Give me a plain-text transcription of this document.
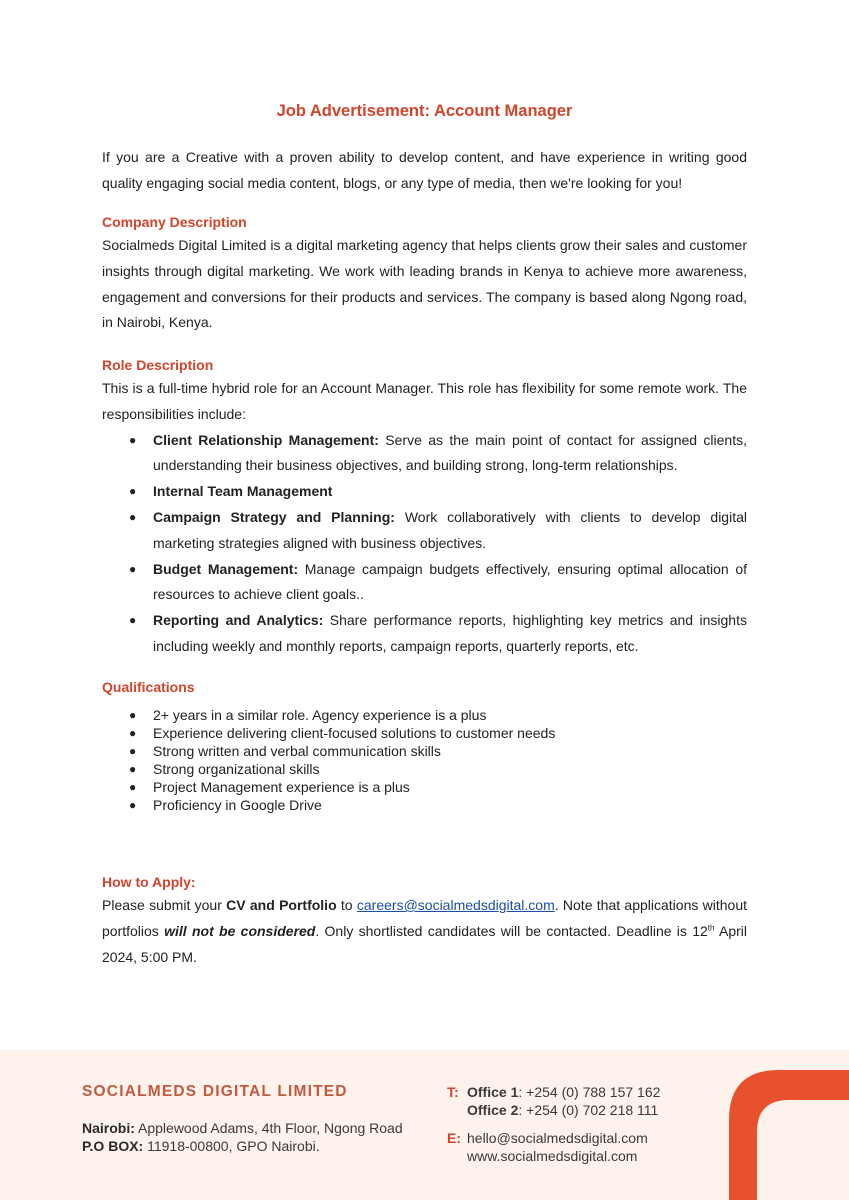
Job Advertisement: Account Manager

If you are a Creative with a proven ability to develop content, and have experience in writing good quality engaging social media content, blogs, or any type of media, then we're looking for you!

Company Description

Socialmeds Digital Limited is a digital marketing agency that helps clients grow their sales and customer insights through digital marketing. We work with leading brands in Kenya to achieve more awareness, engagement and conversions for their products and services. The company is based along Ngong road, in Nairobi, Kenya.

Role Description

This is a full-time hybrid role for an Account Manager. This role has flexibility for some remote work. The responsibilities include:

● Client Relationship Management: Serve as the main point of contact for assigned clients, understanding their business objectives, and building strong, long-term relationships.
● Internal Team Management
● Campaign Strategy and Planning: Work collaboratively with clients to develop digital marketing strategies aligned with business objectives.
● Budget Management: Manage campaign budgets effectively, ensuring optimal allocation of resources to achieve client goals..
● Reporting and Analytics: Share performance reports, highlighting key metrics and insights including weekly and monthly reports, campaign reports, quarterly reports, etc.
Qualifications
● 2+ years in a similar role. Agency experience is a plus
● Experience delivering client-focused solutions to customer needs
● Strong written and verbal communication skills
● Strong organizational skills
● Project Management experience is a plus
● Proficiency in Google Drive
How to Apply:

Please submit your CV and Portfolio to careers@socialmedsdigital.com. Note that applications without portfolios will not be considered. Only shortlisted candidates will be contacted. Deadline is 12th April 2024, 5:00 PM.

SOCIALMEDS DIGITAL LIMITED
Nairobi: Applewood Adams, 4th Floor, Ngong Road
P.O BOX: 11918-00800, GPO Nairobi.
T: Office 1: +254 (0) 788 157 162
Office 2: +254 (0) 702 218 111
E: hello@socialmedsdigital.com
www.socialmedsdigital.com
